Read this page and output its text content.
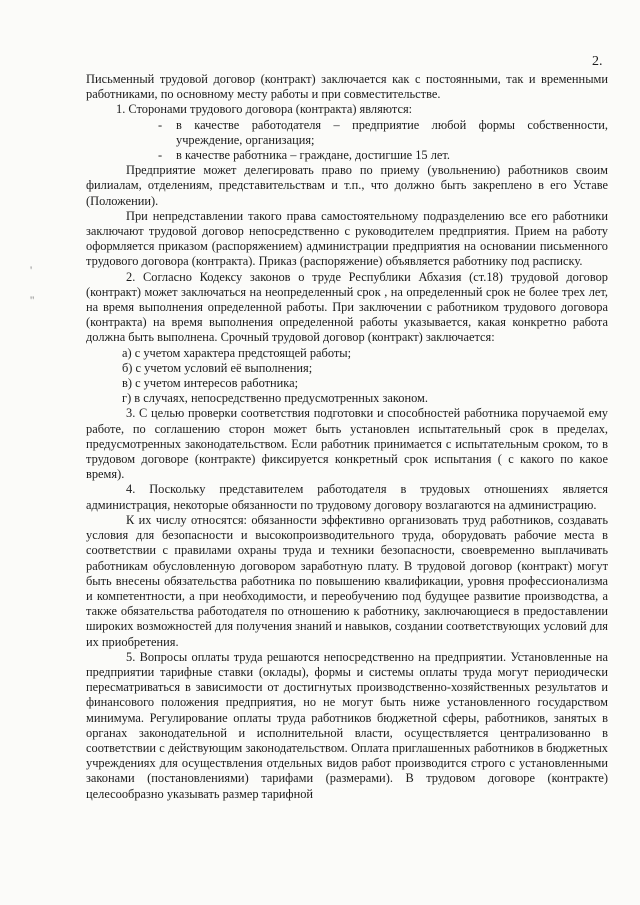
2.
'
''

Письменный трудовой договор (контракт) заключается как с постоянными, так и временными работниками, по основному месту работы и при совместительстве.

1. Сторонами трудового договора (контракта) являются:

-	в качестве работодателя – предприятие любой формы собственности, учреждение, организация;
-	в качестве работника – граждане, достигшие 15 лет.

Предприятие может делегировать право по приему (увольнению) работников своим филиалам, отделениям, представительствам и т.п., что должно быть закреплено в его Уставе (Положении).

При непредставлении такого права самостоятельному подразделению все его работники заключают трудовой договор непосредственно с руководителем предприятия. Прием на работу оформляется приказом (распоряжением) администрации предприятия на основании письменного трудового договора (контракта). Приказ (распоряжение) объявляется работнику под расписку.

2. Согласно Кодексу законов о труде Республики Абхазия (ст.18) трудовой договор (контракт) может заключаться на неопределенный срок , на определенный срок не более трех лет, на время выполнения определенной работы. При заключении с работником трудового договора (контракта) на время выполнения определенной работы указывается, какая конкретно работа должна быть выполнена. Срочный трудовой договор (контракт) заключается:

а) с учетом характера предстоящей работы;

б) с учетом условий её выполнения;

в) с учетом интересов работника;

г) в случаях, непосредственно предусмотренных законом.

3. С целью проверки соответствия подготовки и способностей работника поручаемой ему работе, по соглашению сторон может быть установлен испытательный срок в пределах, предусмотренных законодательством. Если работник принимается с испытательным сроком, то в трудовом договоре (контракте) фиксируется конкретный срок испытания ( с какого по какое время).

4. Поскольку представителем работодателя в трудовых отношениях является администрация, некоторые обязанности по трудовому договору возлагаются на администрацию.

К их числу относятся: обязанности эффективно организовать труд работников, создавать условия для безопасности и высокопроизводительного труда, оборудовать рабочие места в соответствии с правилами охраны труда и техники безопасности, своевременно выплачивать работникам обусловленную договором заработную плату. В трудовой договор (контракт) могут быть внесены обязательства работника по повышению квалификации, уровня профессионализма и компетентности, а при необходимости, и переобучению под будущее развитие производства, а также обязательства работодателя по отношению к работнику, заключающиеся в предоставлении широких возможностей для получения знаний и навыков, создании соответствующих условий для их приобретения.

5. Вопросы оплаты труда решаются непосредственно на предприятии. Установленные на предприятии тарифные ставки (оклады), формы и системы оплаты труда могут периодически пересматриваться в зависимости от достигнутых производственно-хозяйственных результатов и финансового положения предприятия, но не могут быть ниже установленного государством минимума. Регулирование оплаты труда работников бюджетной сферы, работников, занятых в органах законодательной и исполнительной власти, осуществляется централизованно в соответствии с действующим законодательством. Оплата приглашенных работников в бюджетных учреждениях для осуществления отдельных видов работ производится строго с установленными законами (постановлениями) тарифами (размерами). В трудовом договоре (контракте) целесообразно указывать размер тарифной
